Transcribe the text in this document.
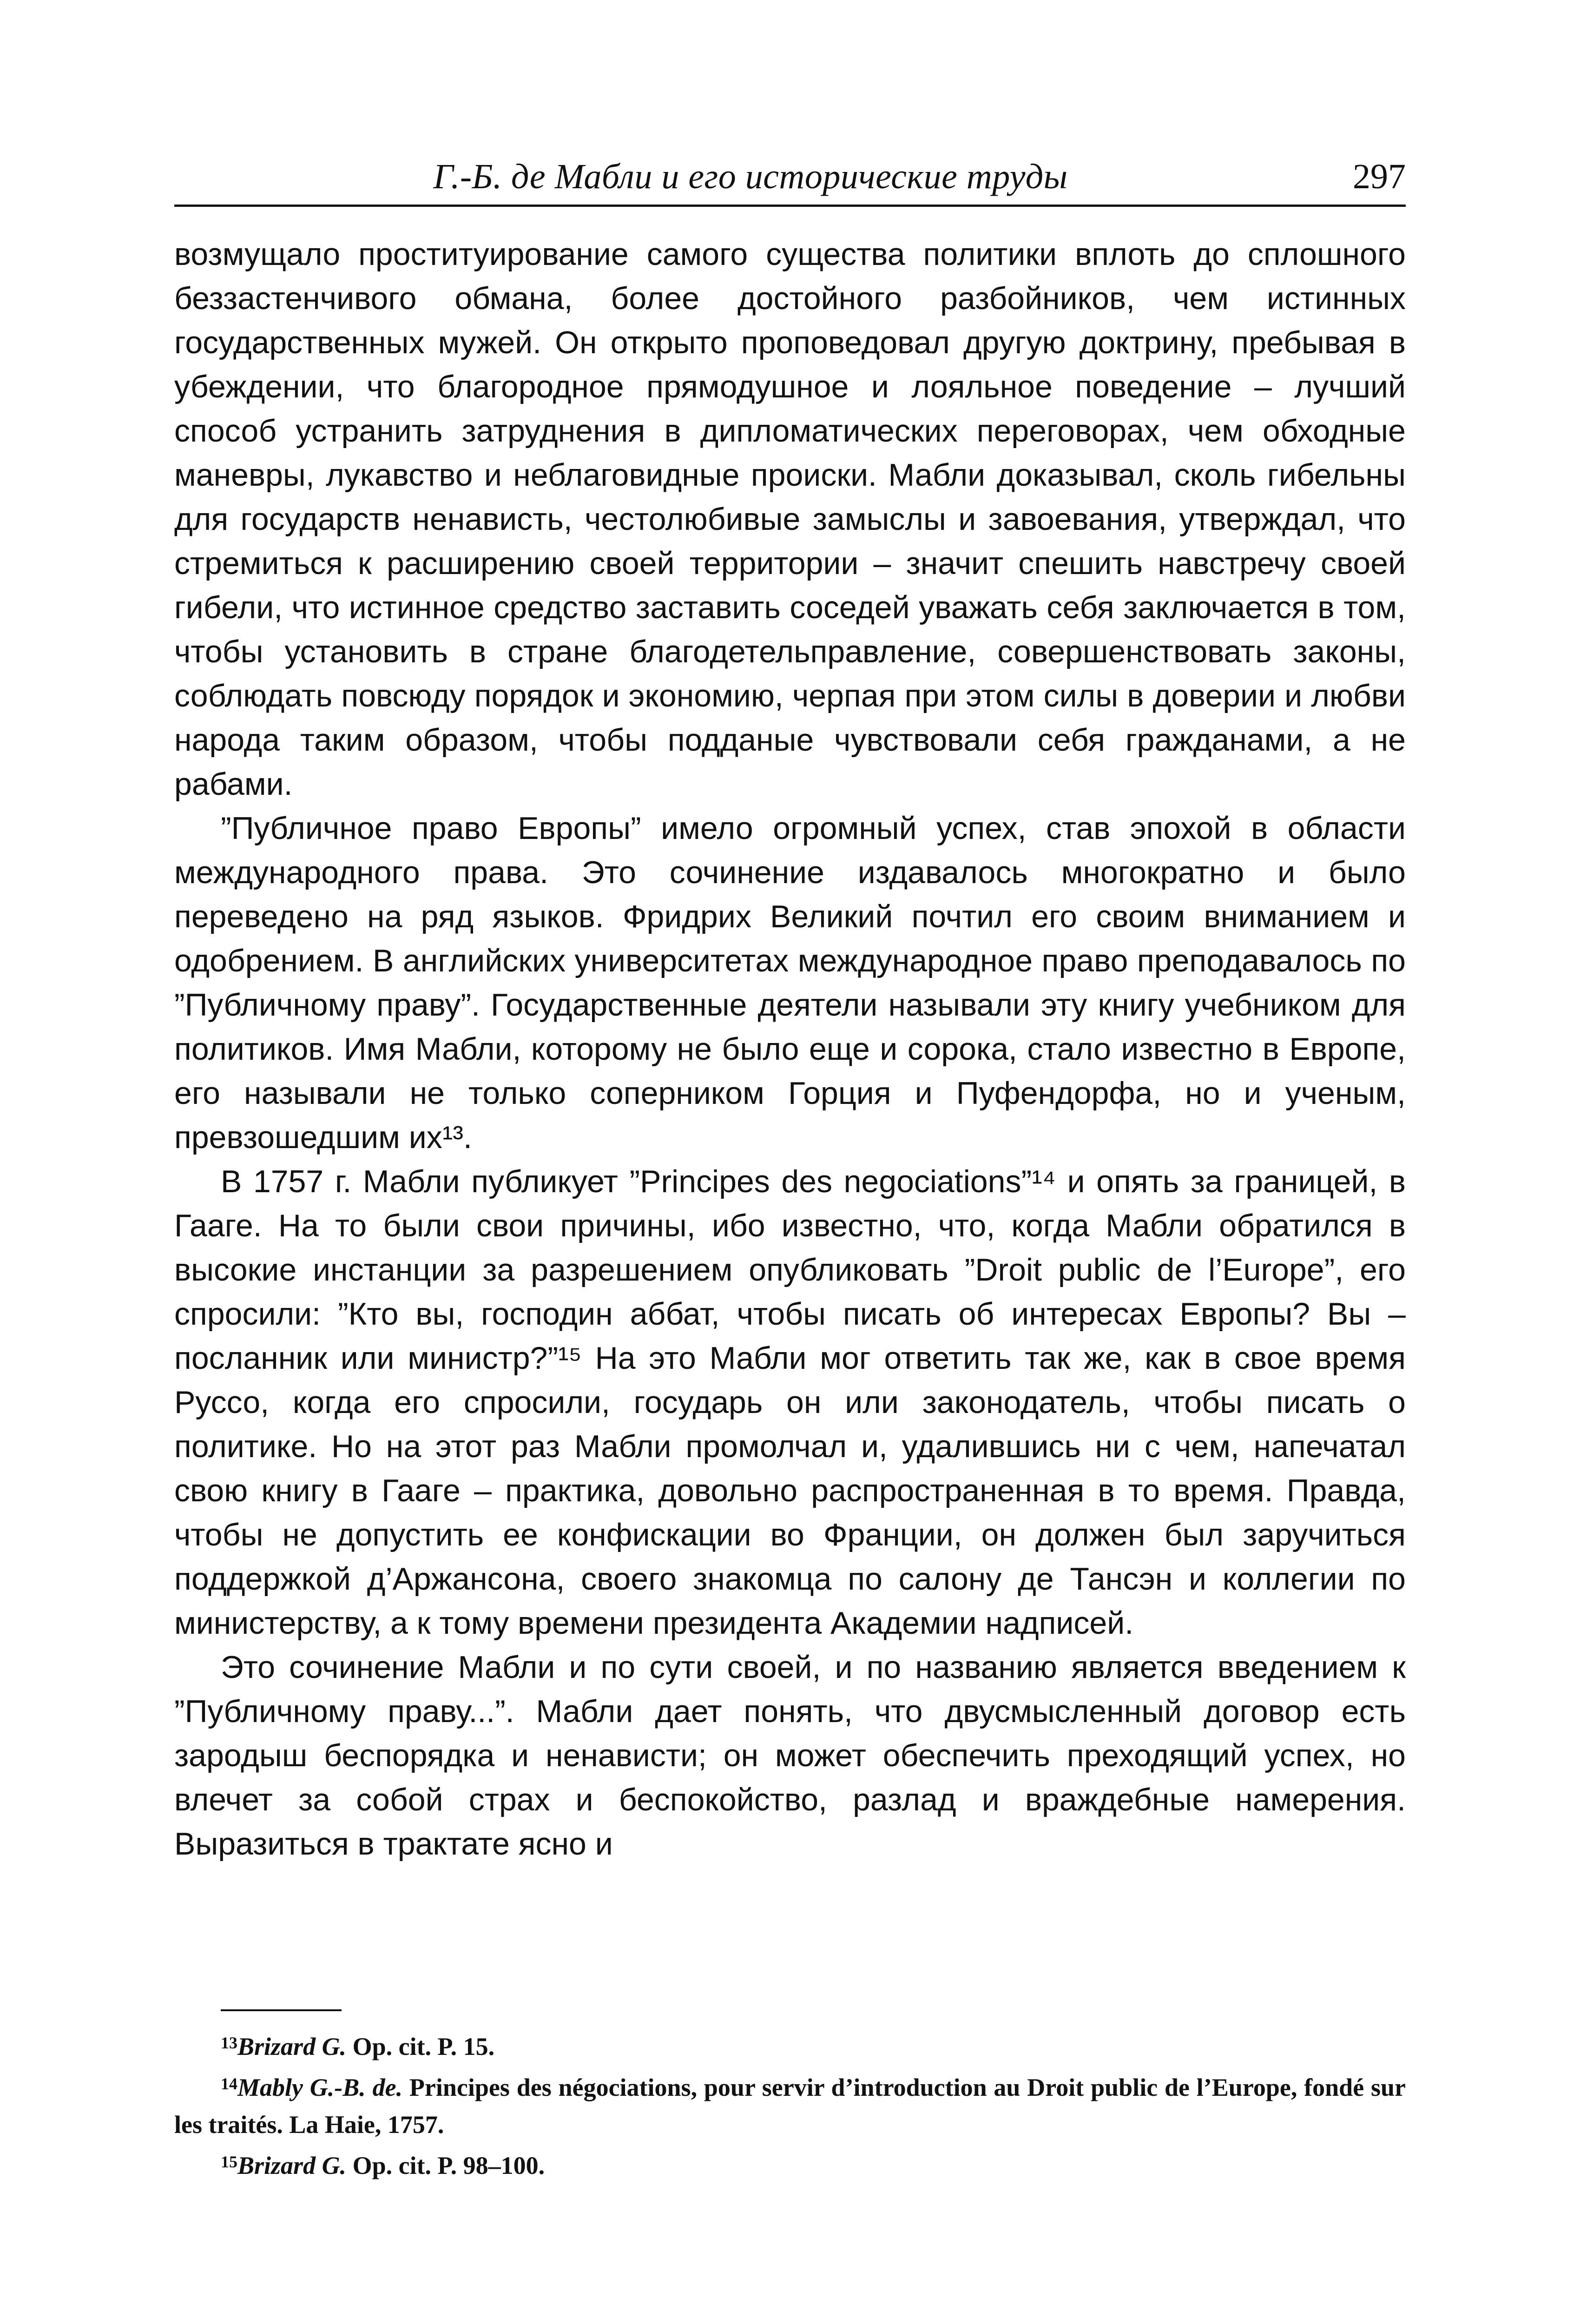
Г.-Б. де Мабли и его исторические труды	297

возмущало проституирование самого существа политики вплоть до сплошного беззастенчивого обмана, более достойного разбойников, чем истинных государственных мужей. Он открыто проповедовал другую доктрину, пребывая в убеждении, что благородное прямодушное и лояльное поведение – лучший способ устранить затруднения в дипломатических переговорах, чем обходные маневры, лукавство и неблаговидные происки. Мабли доказывал, сколь гибельны для государств ненависть, честолюбивые замыслы и завоевания, утверждал, что стремиться к расширению своей территории – значит спешить навстречу своей гибели, что истинное средство заставить соседей уважать себя заключается в том, чтобы установить в стране благодетельправление, совершенствовать законы, соблюдать повсюду порядок и экономию, черпая при этом силы в доверии и любви народа таким образом, чтобы подданые чувствовали себя гражданами, а не рабами.

”Публичное право Европы” имело огромный успех, став эпохой в области международного права. Это сочинение издавалось многократно и было переведено на ряд языков. Фридрих Великий почтил его своим вниманием и одобрением. В английских университетах международное право преподавалось по ”Публичному праву”. Государственные деятели называли эту книгу учебником для политиков. Имя Мабли, которому не было еще и сорока, стало известно в Европе, его называли не только соперником Горция и Пуфендорфа, но и ученым, превзошедшим их¹³.

В 1757 г. Мабли публикует ”Principes des negociations”¹⁴ и опять за границей, в Гааге. На то были свои причины, ибо известно, что, когда Мабли обратился в высокие инстанции за разрешением опубликовать ”Droit public de l’Europe”, его спросили: ”Кто вы, господин аббат, чтобы писать об интересах Европы? Вы – посланник или министр?”¹⁵ На это Мабли мог ответить так же, как в свое время Руссо, когда его спросили, государь он или законодатель, чтобы писать о политике. Но на этот раз Мабли промолчал и, удалившись ни с чем, напечатал свою книгу в Гааге – практика, довольно распространенная в то время. Правда, чтобы не допустить ее конфискации во Франции, он должен был заручиться поддержкой д’Аржансона, своего знакомца по салону де Тансэн и коллегии по министерству, а к тому времени президента Академии надписей.

Это сочинение Мабли и по сути своей, и по названию является введением к ”Публичному праву...”. Мабли дает понять, что двусмысленный договор есть зародыш беспорядка и ненависти; он может обеспечить преходящий успех, но влечет за собой страх и беспокойство, разлад и враждебные намерения. Выразиться в трактате ясно и

$^{13}$Brizard G. Op. cit. P. 15.

$^{14}$Mably G.-B. de. Principes des négociations, pour servir d’introduction au Droit public de l’Europe, fondé sur les traités. La Haie, 1757.

$^{15}$Brizard G. Op. cit. P. 98–100.
